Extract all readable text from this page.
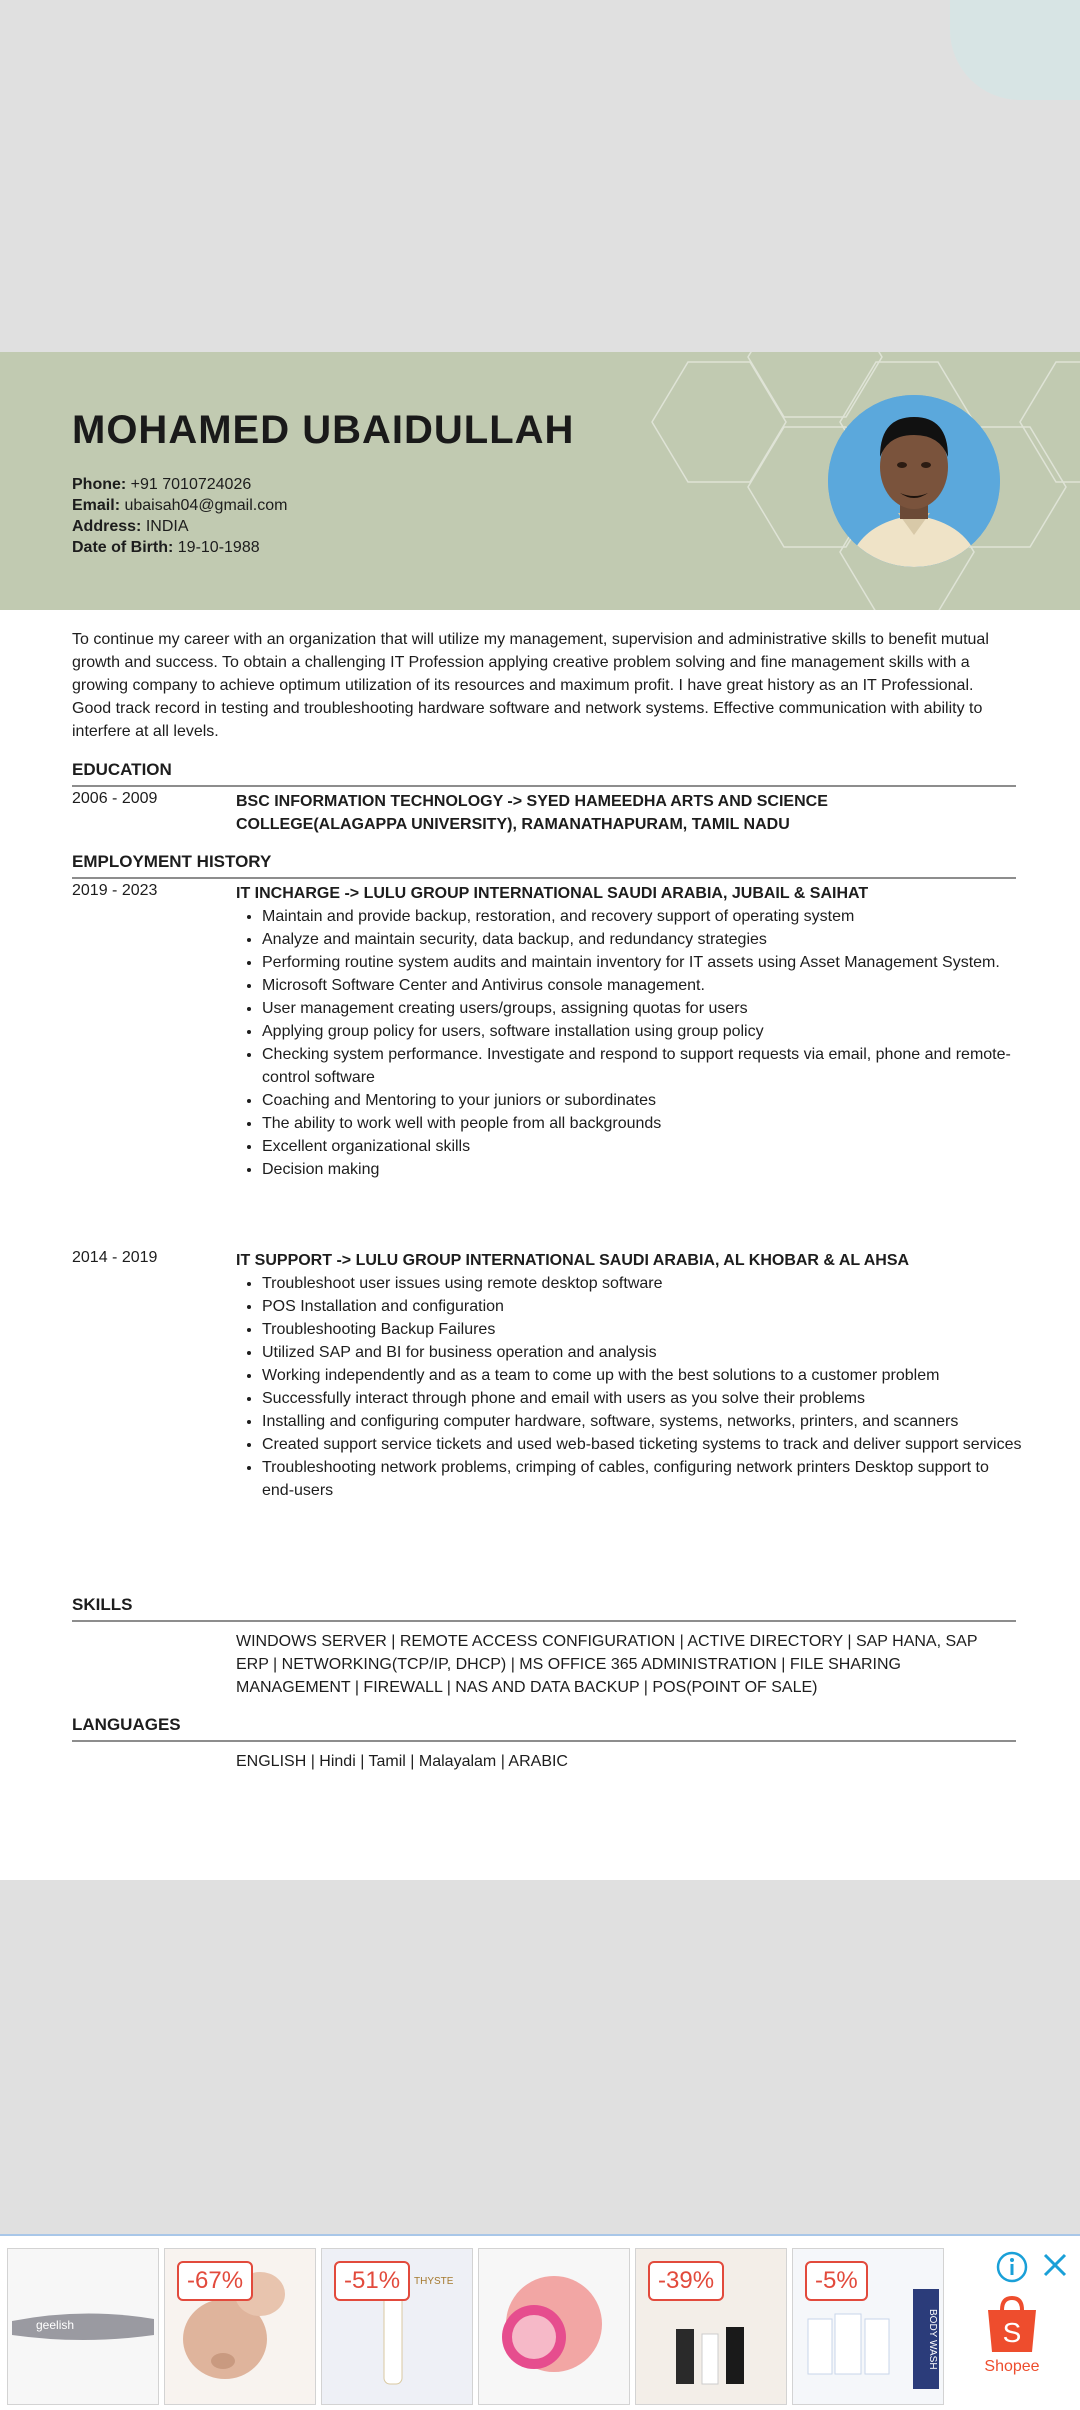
MOHAMED UBAIDULLAH
Phone: +91 7010724026
Email: ubaisah04@gmail.com
Address: INDIA
Date of Birth: 19-10-1988
To continue my career with an organization that will utilize my management, supervision and administrative skills to benefit mutual growth and success. To obtain a challenging IT Profession applying creative problem solving and fine management skills with a growing company to achieve optimum utilization of its resources and maximum profit. I have great history as an IT Professional. Good track record in testing and troubleshooting hardware software and network systems. Effective communication with ability to interfere at all levels.
EDUCATION
2006 - 2009	BSC INFORMATION TECHNOLOGY -> SYED HAMEEDHA ARTS AND SCIENCE COLLEGE(ALAGAPPA UNIVERSITY), RAMANATHAPURAM, TAMIL NADU
EMPLOYMENT HISTORY
2019 - 2023	IT INCHARGE -> LULU GROUP INTERNATIONAL SAUDI ARABIA, JUBAIL & SAIHAT
• Maintain and provide backup, restoration, and recovery support of operating system
• Analyze and maintain security, data backup, and redundancy strategies
• Performing routine system audits and maintain inventory for IT assets using Asset Management System.
• Microsoft Software Center and Antivirus console management.
• User management creating users/groups, assigning quotas for users
• Applying group policy for users, software installation using group policy
• Checking system performance. Investigate and respond to support requests via email, phone and remote-control software
• Coaching and Mentoring to your juniors or subordinates
• The ability to work well with people from all backgrounds
• Excellent organizational skills
• Decision making
2014 - 2019	IT SUPPORT -> LULU GROUP INTERNATIONAL SAUDI ARABIA, AL KHOBAR & AL AHSA
• Troubleshoot user issues using remote desktop software
• POS Installation and configuration
• Troubleshooting Backup Failures
• Utilized SAP and BI for business operation and analysis
• Working independently and as a team to come up with the best solutions to a customer problem
• Successfully interact through phone and email with users as you solve their problems
• Installing and configuring computer hardware, software, systems, networks, printers, and scanners
• Created support service tickets and used web-based ticketing systems to track and deliver support services
• Troubleshooting network problems, crimping of cables, configuring network printers Desktop support to end-users
SKILLS
WINDOWS SERVER | REMOTE ACCESS CONFIGURATION | ACTIVE DIRECTORY | SAP HANA, SAP ERP | NETWORKING(TCP/IP, DHCP) | MS OFFICE 365 ADMINISTRATION | FILE SHARING MANAGEMENT | FIREWALL | NAS AND DATA BACKUP | POS(POINT OF SALE)
LANGUAGES
ENGLISH | Hindi | Tamil | Malayalam | ARABIC
geelish
-67%	THYSTE
-51%	-39%
BODY WASH
-5%
S
Shopee
